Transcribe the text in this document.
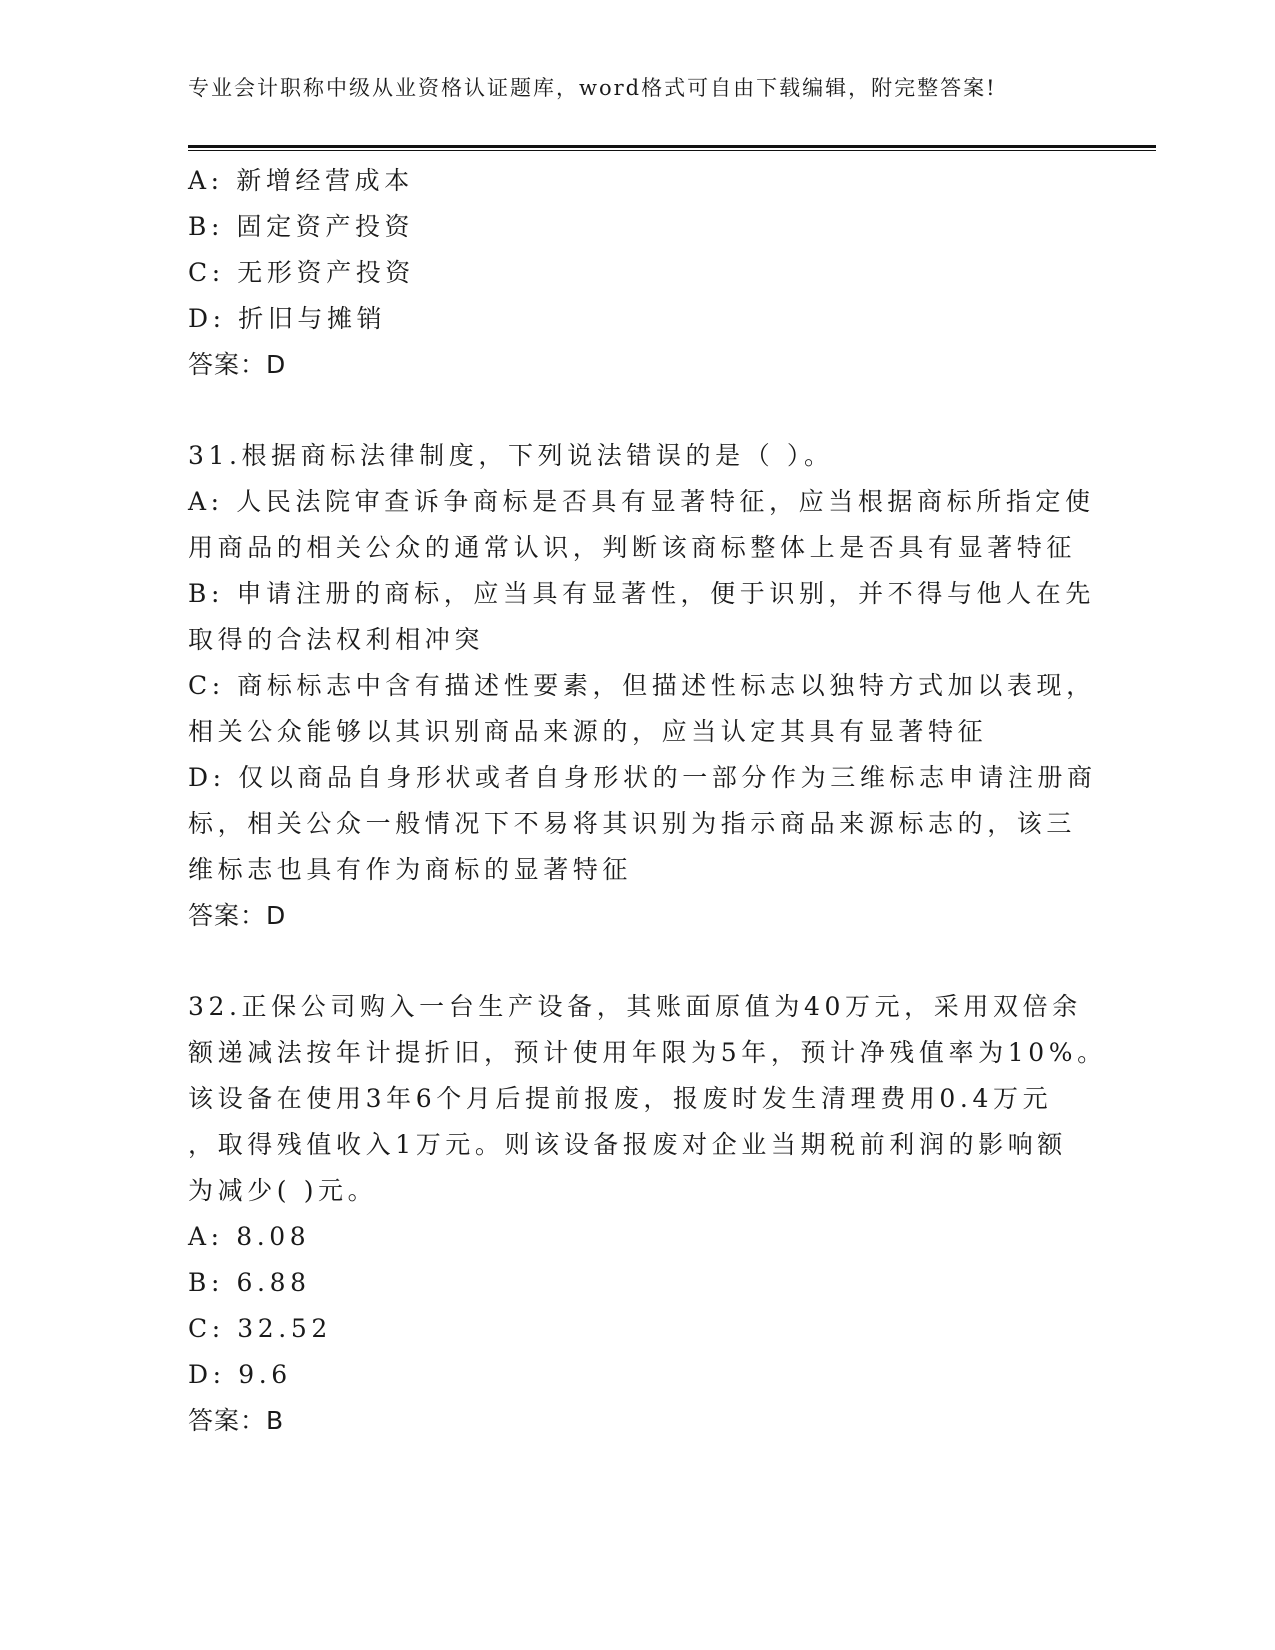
专业会计职称中级从业资格认证题库，word格式可自由下载编辑，附完整答案!
A: 新增经营成本
B: 固定资产投资
C: 无形资产投资
D: 折旧与摊销
答案：D
31.根据商标法律制度，下列说法错误的是（ ）。
A: 人民法院审查诉争商标是否具有显著特征，应当根据商标所指定使
用商品的相关公众的通常认识，判断该商标整体上是否具有显著特征
B: 申请注册的商标，应当具有显著性，便于识别，并不得与他人在先
取得的合法权利相冲突
C: 商标标志中含有描述性要素，但描述性标志以独特方式加以表现，
相关公众能够以其识别商品来源的，应当认定其具有显著特征
D: 仅以商品自身形状或者自身形状的一部分作为三维标志申请注册商
标，相关公众一般情况下不易将其识别为指示商品来源标志的，该三
维标志也具有作为商标的显著特征
答案：D
32.正保公司购入一台生产设备，其账面原值为40万元，采用双倍余
额递减法按年计提折旧，预计使用年限为5年，预计净残值率为10%。
该设备在使用3年6个月后提前报废，报废时发生清理费用0.4万元
，取得残值收入1万元。则该设备报废对企业当期税前利润的影响额
为减少( )元。
A: 8.08
B: 6.88
C: 32.52
D: 9.6
答案：B
